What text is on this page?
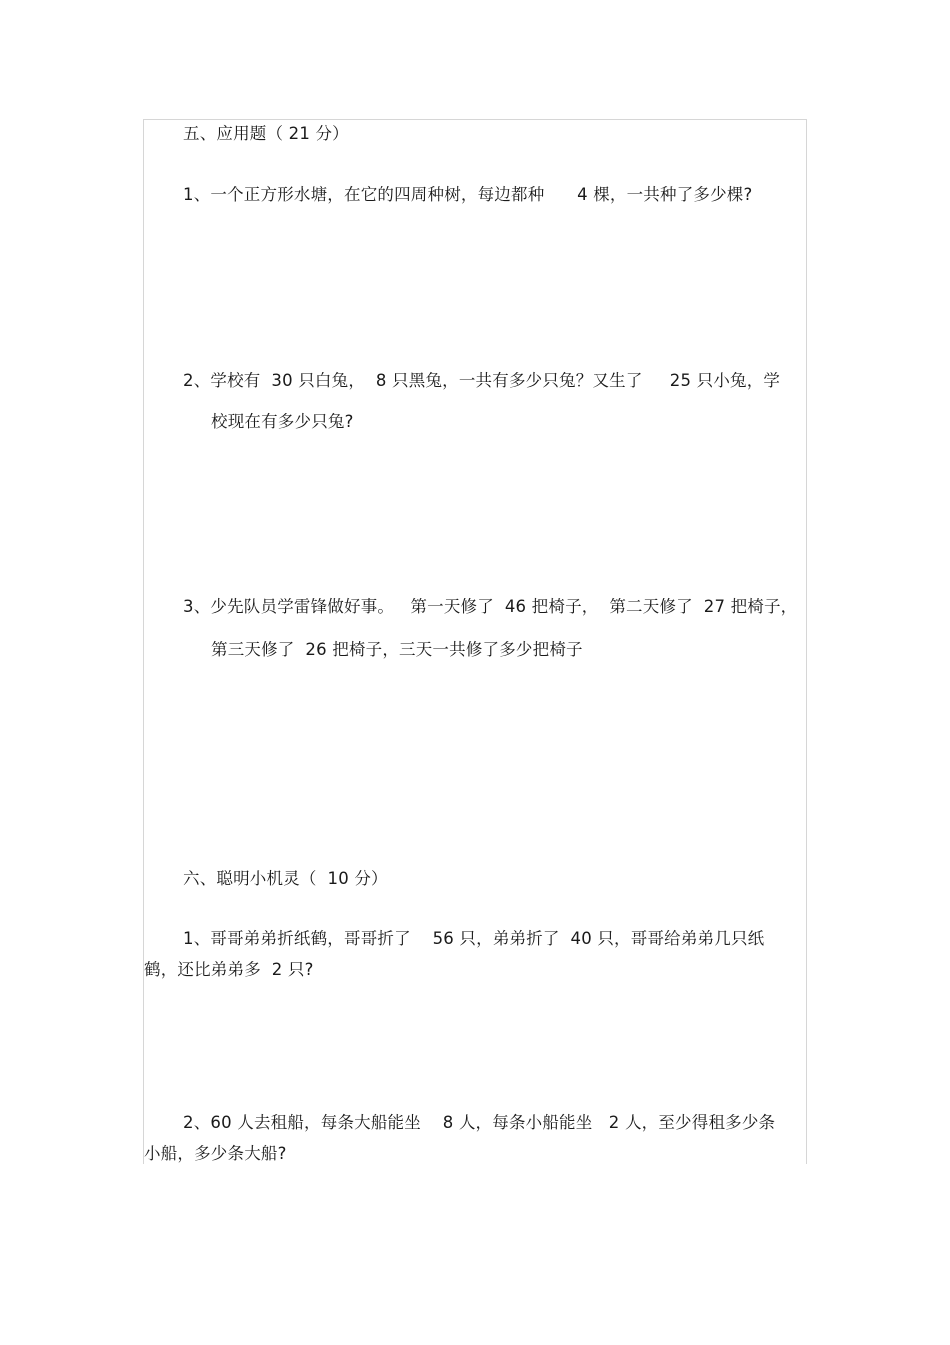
五、应用题（ 21 分）
1、一个正方形水塘，在它的四周种树，每边都种      4 棵，一共种了多少棵?
2、学校有  30 只白兔，  8 只黑兔，一共有多少只兔？又生了     25 只小兔，学
校现在有多少只兔?
3、少先队员学雷锋做好事。   第一天修了  46 把椅子，  第二天修了  27 把椅子，
第三天修了  26 把椅子，三天一共修了多少把椅子
六、聪明小机灵（  10 分）
1、哥哥弟弟折纸鹤，哥哥折了    56 只，弟弟折了  40 只，哥哥给弟弟几只纸
鹤，还比弟弟多  2 只?
2、60 人去租船，每条大船能坐    8 人，每条小船能坐   2 人，至少得租多少条
小船，多少条大船?
